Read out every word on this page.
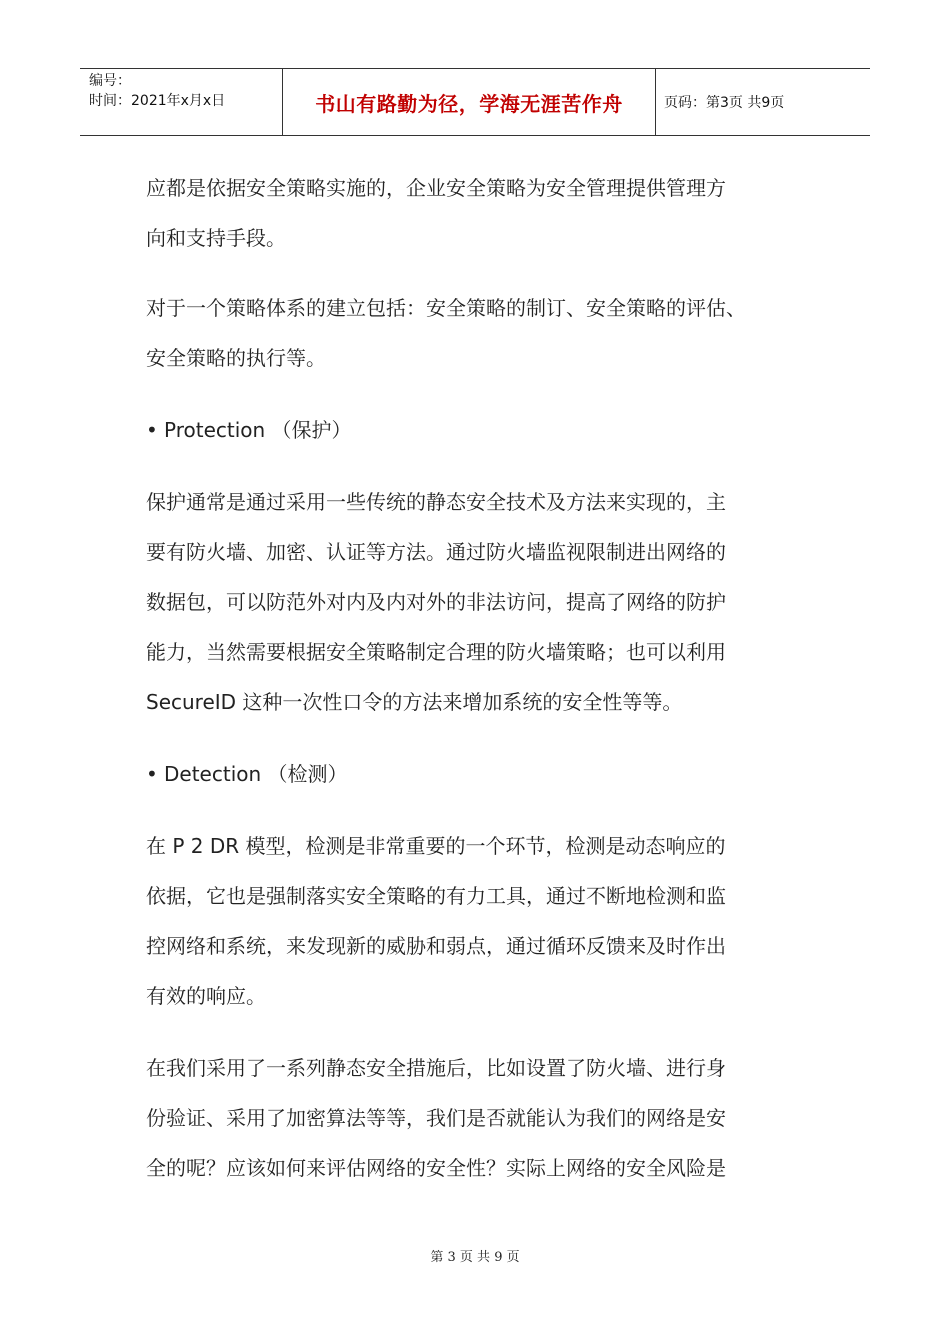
编号：
时间：2021年x月x日	书山有路勤为径，学海无涯苦作舟	页码：第3页 共9页
应都是依据安全策略实施的，企业安全策略为安全管理提供管理方
向和支持手段。
对于一个策略体系的建立包括：安全策略的制订、安全策略的评估、
安全策略的执行等。
• Protection （保护）
保护通常是通过采用一些传统的静态安全技术及方法来实现的，主
要有防火墙、加密、认证等方法。通过防火墙监视限制进出网络的
数据包，可以防范外对内及内对外的非法访问，提高了网络的防护
能力，当然需要根据安全策略制定合理的防火墙策略；也可以利用
SecureID 这种一次性口令的方法来增加系统的安全性等等。
• Detection （检测）
在 P 2 DR 模型，检测是非常重要的一个环节，检测是动态响应的
依据，它也是强制落实安全策略的有力工具，通过不断地检测和监
控网络和系统，来发现新的威胁和弱点，通过循环反馈来及时作出
有效的响应。
在我们采用了一系列静态安全措施后，比如设置了防火墙、进行身
份验证、采用了加密算法等等，我们是否就能认为我们的网络是安
全的呢？应该如何来评估网络的安全性？实际上网络的安全风险是
第 3 页 共 9 页
